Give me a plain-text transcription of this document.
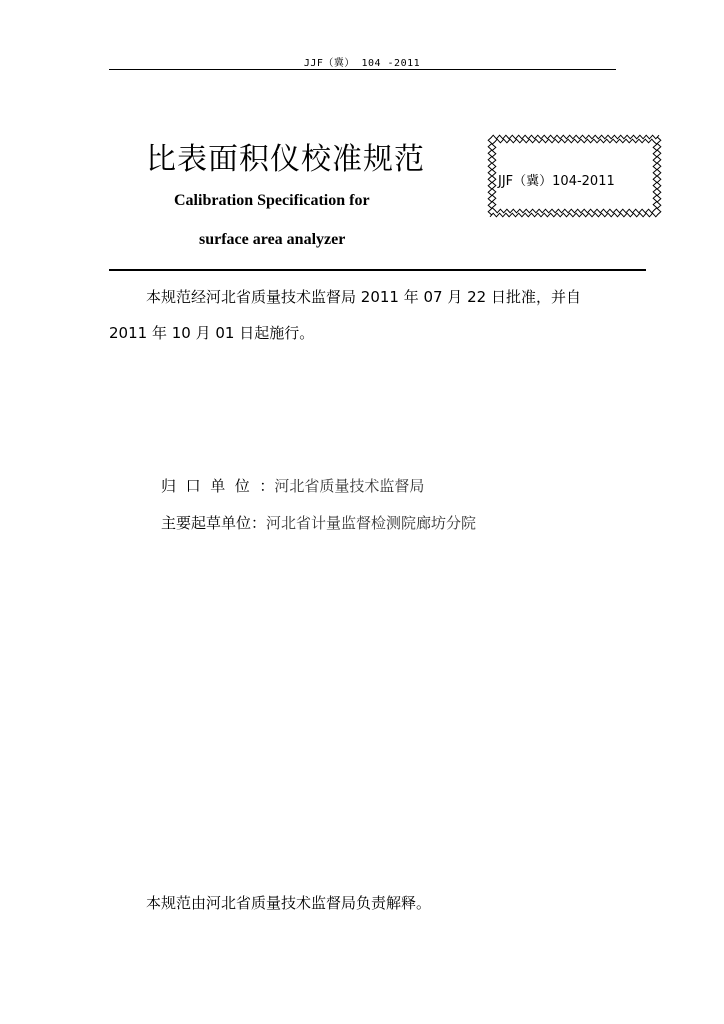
JJF（冀） 104 -2011
比表面积仪校准规范
Calibration Specification for
surface area analyzer
JJF（冀）104-2011
本规范经河北省质量技术监督局 2011 年 07 月 22 日批准，并自
2011 年 10 月 01 日起施行。
归口单位：河北省质量技术监督局
主要起草单位：河北省计量监督检测院廊坊分院
本规范由河北省质量技术监督局负责解释。
